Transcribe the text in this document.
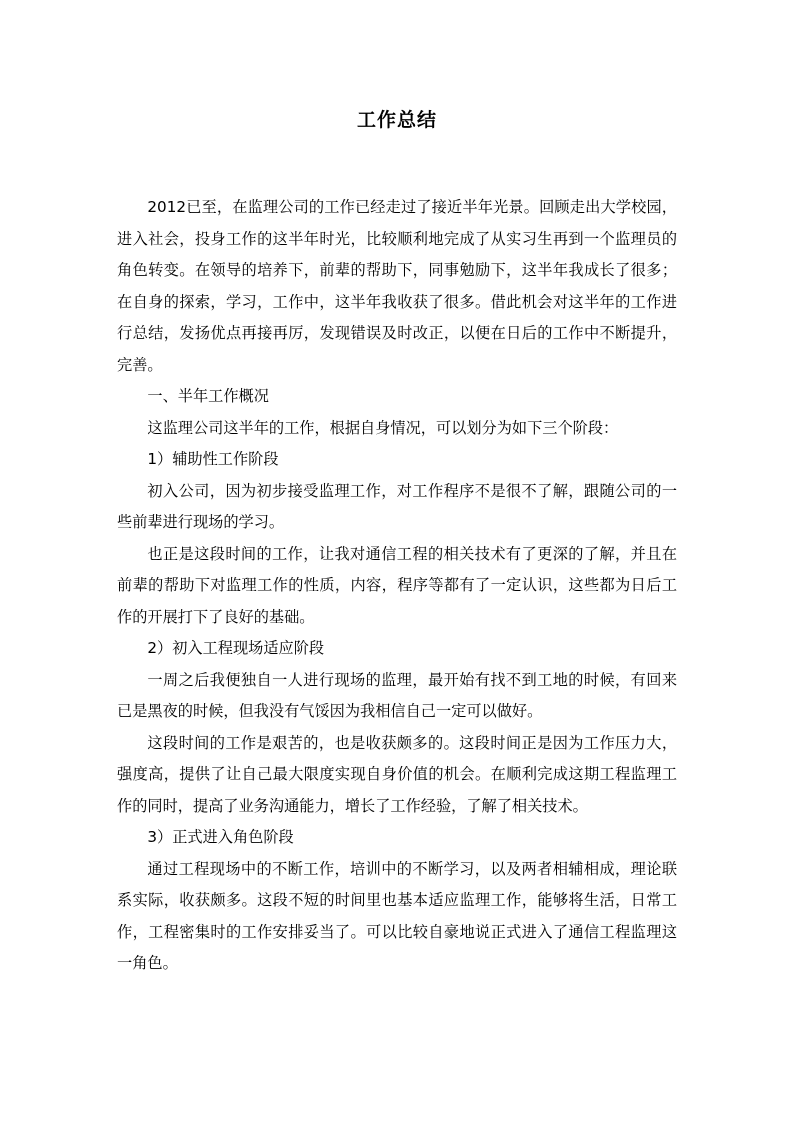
工作总结

2012已至，在监理公司的工作已经走过了接近半年光景。回顾走出大学校园，进入社会，投身工作的这半年时光，比较顺利地完成了从实习生再到一个监理员的角色转变。在领导的培养下，前辈的帮助下，同事勉励下，这半年我成长了很多；在自身的探索，学习，工作中，这半年我收获了很多。借此机会对这半年的工作进行总结，发扬优点再接再厉，发现错误及时改正，以便在日后的工作中不断提升，完善。

一、半年工作概况

这监理公司这半年的工作，根据自身情况，可以划分为如下三个阶段：

1）辅助性工作阶段

初入公司，因为初步接受监理工作，对工作程序不是很不了解，跟随公司的一些前辈进行现场的学习。

也正是这段时间的工作，让我对通信工程的相关技术有了更深的了解，并且在前辈的帮助下对监理工作的性质，内容，程序等都有了一定认识，这些都为日后工作的开展打下了良好的基础。

2）初入工程现场适应阶段

一周之后我便独自一人进行现场的监理，最开始有找不到工地的时候，有回来已是黑夜的时候，但我没有气馁因为我相信自己一定可以做好。

这段时间的工作是艰苦的，也是收获颇多的。这段时间正是因为工作压力大，强度高，提供了让自己最大限度实现自身价值的机会。在顺利完成这期工程监理工作的同时，提高了业务沟通能力，增长了工作经验，了解了相关技术。

3）正式进入角色阶段

通过工程现场中的不断工作，培训中的不断学习，以及两者相辅相成，理论联系实际，收获颇多。这段不短的时间里也基本适应监理工作，能够将生活，日常工作，工程密集时的工作安排妥当了。可以比较自豪地说正式进入了通信工程监理这一角色。
